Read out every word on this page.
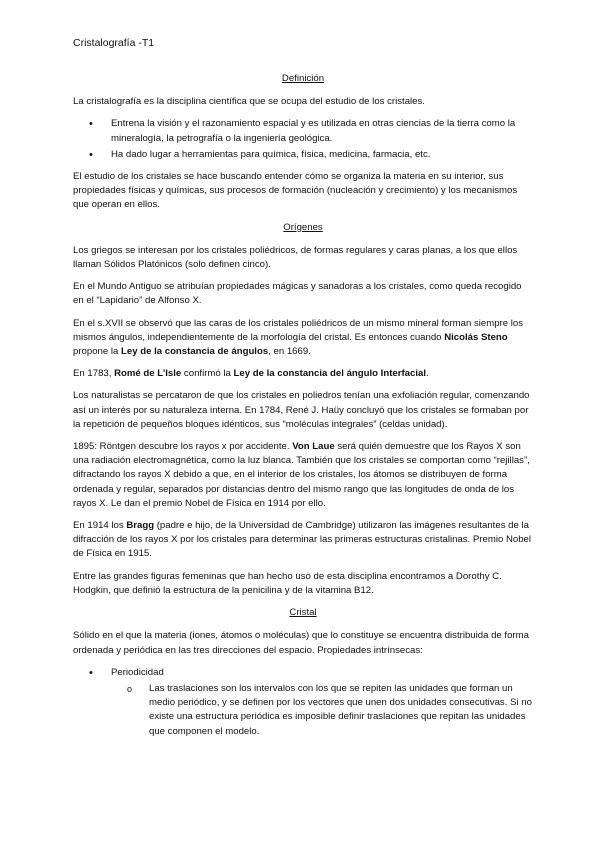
Cristalografía -T1
Definición

La cristalografía es la disciplina científica que se ocupa del estudio de los cristales.

• Entrena la visión y el razonamiento espacial y es utilizada en otras ciencias de la tierra como la mineralogía, la petrografía o la ingeniería geológica.
• Ha dado lugar a herramientas para química, física, medicina, farmacia, etc.

El estudio de los cristales se hace buscando entender cómo se organiza la materia en su interior, sus propiedades físicas y químicas, sus procesos de formación (nucleación y crecimiento) y los mecanismos que operan en ellos.

Orígenes

Los griegos se interesan por los cristales poliédricos, de formas regulares y caras planas, a los que ellos llaman Sólidos Platónicos (solo definen cinco).

En el Mundo Antiguo se atribuían propiedades mágicas y sanadoras a los cristales, como queda recogido en el “Lapidario” de Alfonso X.

En el s.XVII se observó que las caras de los cristales poliédricos de un mismo mineral forman siempre los mismos ángulos, independientemente de la morfología del cristal. Es entonces cuando Nicolás Steno propone la Ley de la constancia de ángulos, en 1669.

En 1783, Romé de L’Isle confirmó la Ley de la constancia del ángulo Interfacial.

Los naturalistas se percataron de que los cristales en poliedros tenían una exfoliación regular, comenzando así un interés por su naturaleza interna. En 1784, René J. Haüy concluyó que los cristales se formaban por la repetición de pequeños bloques idénticos, sus “moléculas integrales” (celdas unidad).

1895: Röntgen descubre los rayos x por accidente. Von Laue será quién demuestre que los Rayos X son una radiación electromagnética, como la luz blanca. También que los cristales se comportan como “rejillas”, difractando los rayos X debido a que, en el interior de los cristales, los átomos se distribuyen de forma ordenada y regular, separados por distancias dentro del mismo rango que las longitudes de onda de los rayos X. Le dan el premio Nobel de Física en 1914 por ello.

En 1914 los Bragg (padre e hijo, de la Universidad de Cambridge) utilizaron las imágenes resultantes de la difracción de los rayos X por los cristales para determinar las primeras estructuras cristalinas. Premio Nobel de Física en 1915.

Entre las grandes figuras femeninas que han hecho uso de esta disciplina encontramos a Dorothy C. Hodgkin, que definió la estructura de la penicilina y de la vitamina B12.

Cristal

Sólido en el que la materia (iones, átomos o moléculas) que lo constituye se encuentra distribuida de forma ordenada y periódica en las tres direcciones del espacio. Propiedades intrínsecas:

• Periodicidad
o Las traslaciones son los intervalos con los que se repiten las unidades que forman un medio periódico, y se definen por los vectores que unen dos unidades consecutivas. Si no existe una estructura periódica es imposible definir traslaciones que repitan las unidades que componen el modelo.
